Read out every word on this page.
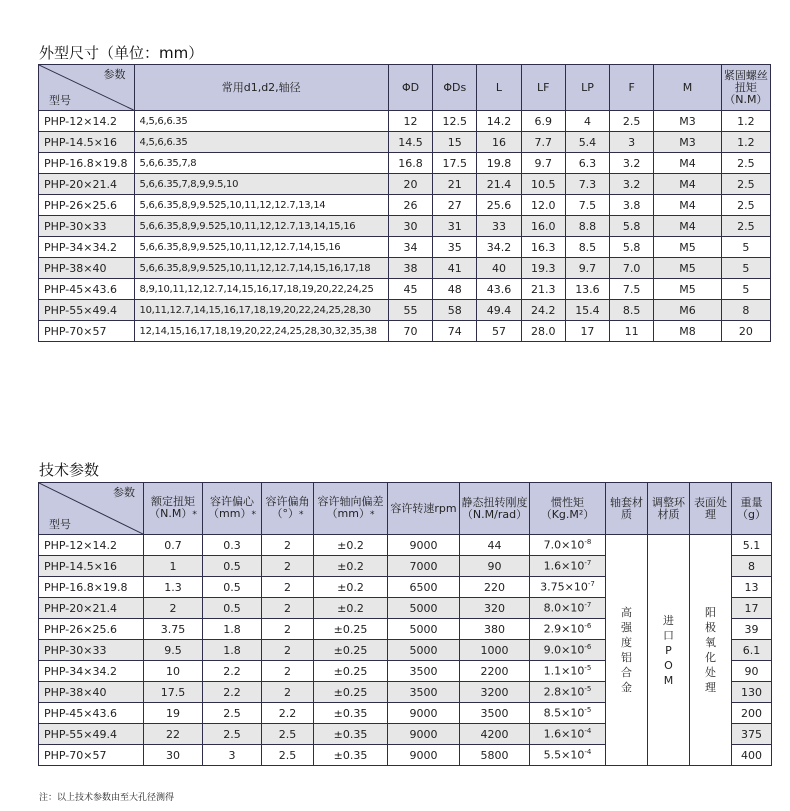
外型尺寸（单位：mm）
参数
型号	常用d1,d2,轴径	ΦD	ΦDs	L	LF	LP	F	M	紧固螺丝扭矩（N.M）
PHP-12×14.2	4,5,6,6.35	12	12.5	14.2	6.9	4	2.5	M3	1.2
PHP-14.5×16	4,5,6,6.35	14.5	15	16	7.7	5.4	3	M3	1.2
PHP-16.8×19.8	5,6,6.35,7,8	16.8	17.5	19.8	9.7	6.3	3.2	M4	2.5
PHP-20×21.4	5,6,6.35,7,8,9,9.5,10	20	21	21.4	10.5	7.3	3.2	M4	2.5
PHP-26×25.6	5,6,6.35,8,9,9.525,10,11,12,12.7,13,14	26	27	25.6	12.0	7.5	3.8	M4	2.5
PHP-30×33	5,6,6.35,8,9,9.525,10,11,12,12.7,13,14,15,16	30	31	33	16.0	8.8	5.8	M4	2.5
PHP-34×34.2	5,6,6.35,8,9,9.525,10,11,12,12.7,14,15,16	34	35	34.2	16.3	8.5	5.8	M5	5
PHP-38×40	5,6,6.35,8,9,9.525,10,11,12,12.7,14,15,16,17,18	38	41	40	19.3	9.7	7.0	M5	5
PHP-45×43.6	8,9,10,11,12,12.7,14,15,16,17,18,19,20,22,24,25	45	48	43.6	21.3	13.6	7.5	M5	5
PHP-55×49.4	10,11,12.7,14,15,16,17,18,19,20,22,24,25,28,30	55	58	49.4	24.2	15.4	8.5	M6	8
PHP-70×57	12,14,15,16,17,18,19,20,22,24,25,28,30,32,35,38	70	74	57	28.0	17	11	M8	20
技术参数
参数
型号	额定扭矩（N.M）*	容许偏心（mm）*	容许偏角（°）*	容许轴向偏差（mm）*	容许转速rpm	静态扭转刚度（N.M/rad）	惯性矩（Kg.M²）	轴套材质	调整环材质	表面处理	重量（g）
PHP-12×14.2	0.7	0.3	2	±0.2	9000	44	$7.0\times 10^{-8}$	高强度铝合金	进口POM	阳极氧化处理	5.1
PHP-14.5×16	1	0.5	2	±0.2	7000	90	$1.6\times 10^{-7}$				8
PHP-16.8×19.8	1.3	0.5	2	±0.2	6500	220	$3.75\times 10^{-7}$				13
PHP-20×21.4	2	0.5	2	±0.2	5000	320	$8.0\times 10^{-7}$				17
PHP-26×25.6	3.75	1.8	2	±0.25	5000	380	$2.9\times 10^{-6}$				39
PHP-30×33	9.5	1.8	2	±0.25	5000	1000	$9.0\times 10^{-6}$				6.1
PHP-34×34.2	10	2.2	2	±0.25	3500	2200	$1.1\times 10^{-5}$				90
PHP-38×40	17.5	2.2	2	±0.25	3500	3200	$2.8\times 10^{-5}$				130
PHP-45×43.6	19	2.5	2.2	±0.35	9000	3500	$8.5\times 10^{-5}$				200
PHP-55×49.4	22	2.5	2.5	±0.35	9000	4200	$1.6\times 10^{-4}$				375
PHP-70×57	30	3	2.5	±0.35	9000	5800	$5.5\times 10^{-4}$				400
注：以上技术参数由至大孔径测得
